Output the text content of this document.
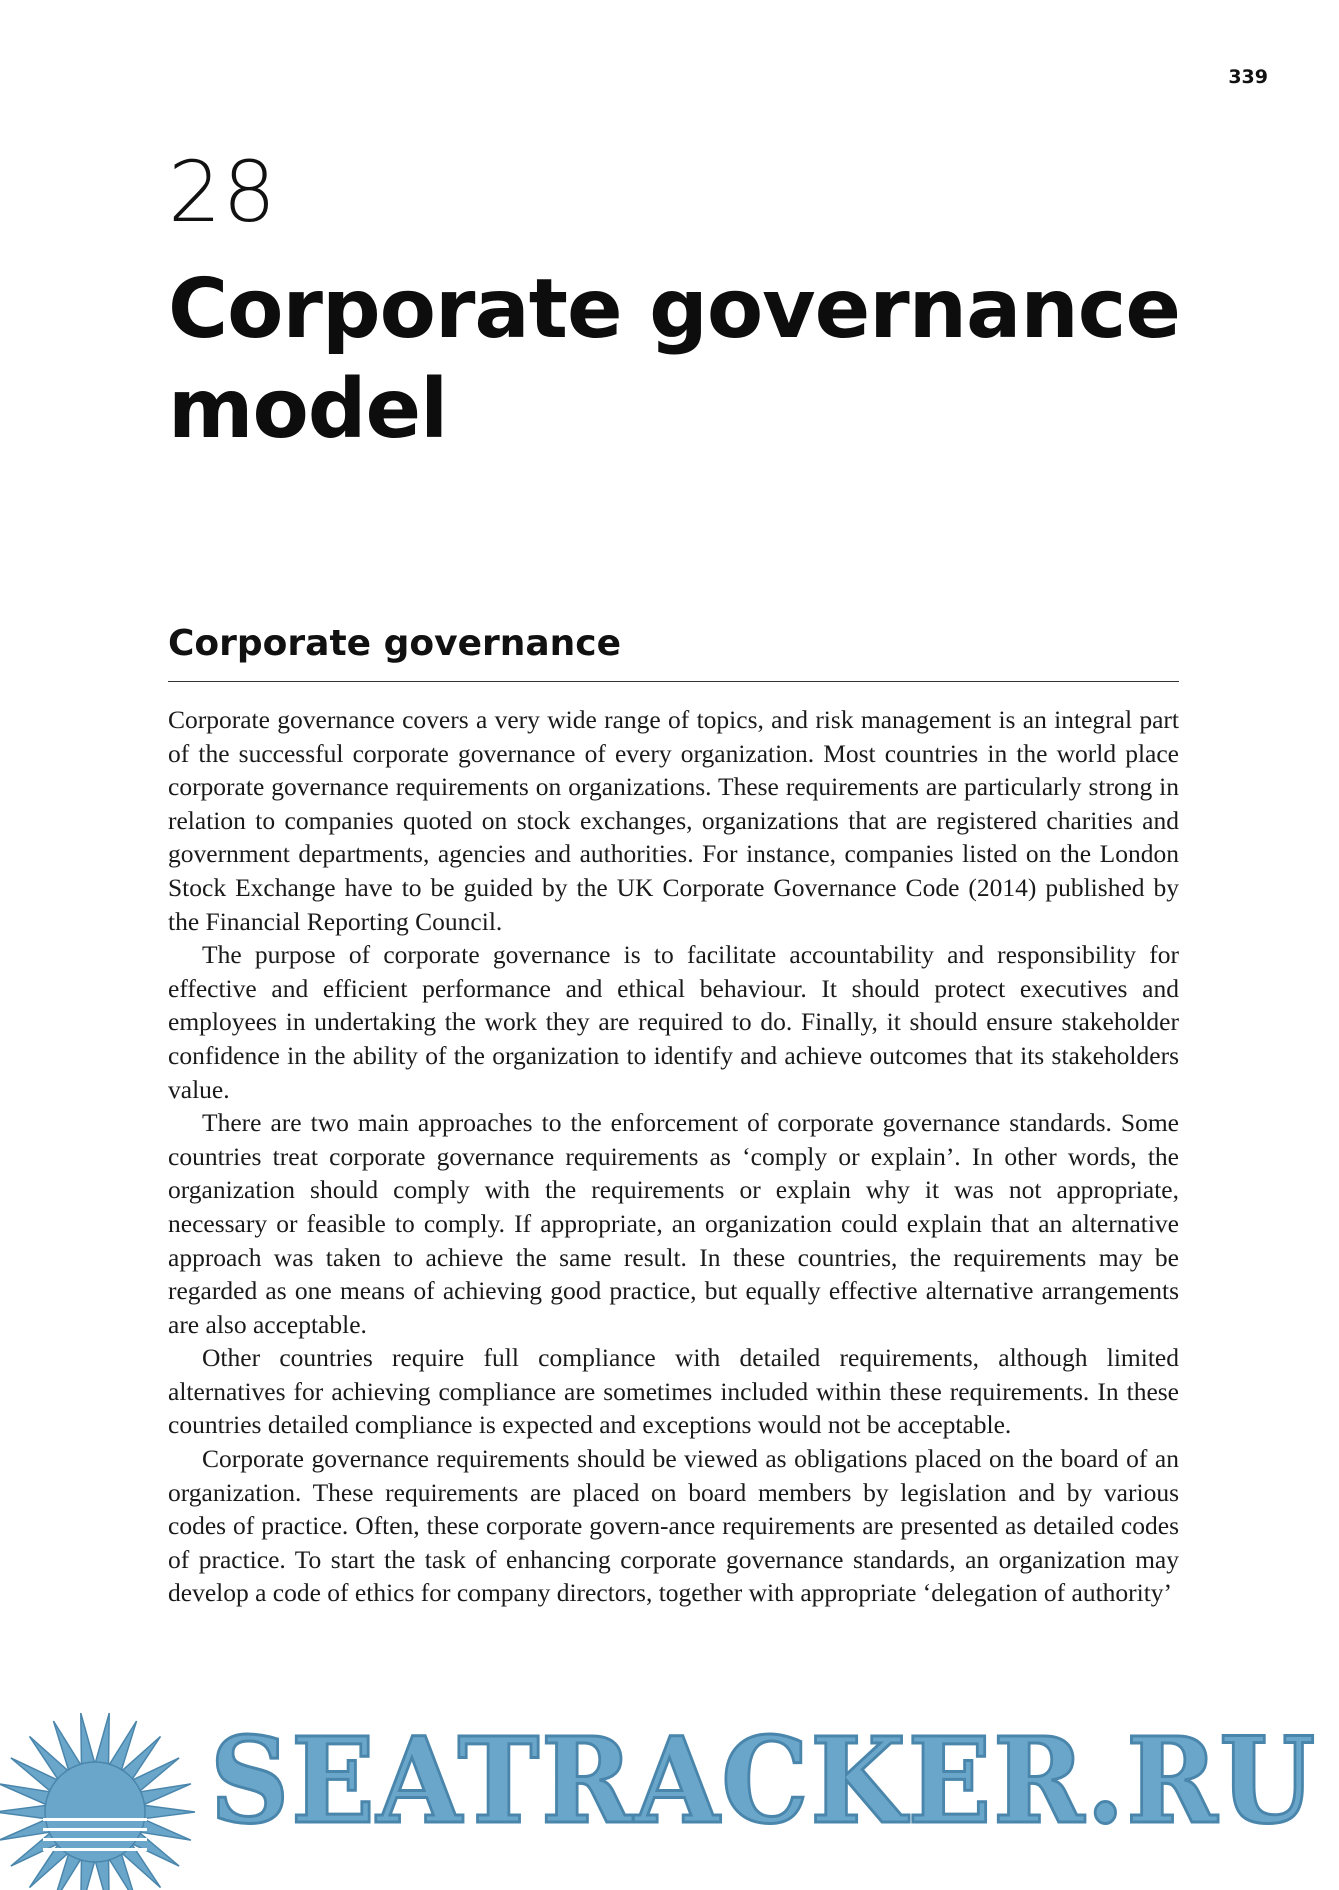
339
28
Corporate governance model
Corporate governance

Corporate governance covers a very wide range of topics, and risk management is an integral part of the successful corporate governance of every organization. Most countries in the world place corporate governance requirements on organizations. These requirements are particularly strong in relation to companies quoted on stock exchanges, organizations that are registered charities and government departments, agencies and authorities. For instance, companies listed on the London Stock Exchange have to be guided by the UK Corporate Governance Code (2014) published by the Financial Reporting Council.

The purpose of corporate governance is to facilitate accountability and responsibility for effective and efficient performance and ethical behaviour. It should protect executives and employees in undertaking the work they are required to do. Finally, it should ensure stakeholder confidence in the ability of the organization to identify and achieve outcomes that its stakeholders value.

There are two main approaches to the enforcement of corporate governance standards. Some countries treat corporate governance requirements as ‘comply or explain’. In other words, the organization should comply with the requirements or explain why it was not appropriate, necessary or feasible to comply. If appropriate, an organization could explain that an alternative approach was taken to achieve the same result. In these countries, the requirements may be regarded as one means of achieving good practice, but equally effective alternative arrangements are also acceptable.

Other countries require full compliance with detailed requirements, although limited alternatives for achieving compliance are sometimes included within these requirements. In these countries detailed compliance is expected and exceptions would not be acceptable.

Corporate governance requirements should be viewed as obligations placed on the board of an organization. These requirements are placed on board members by legislation and by various codes of practice. Often, these corporate govern-ance requirements are presented as detailed codes of practice. To start the task of enhancing corporate governance standards, an organization may develop a code of ethics for company directors, together with appropriate ‘delegation of authority’

SEATRACKER.RU
